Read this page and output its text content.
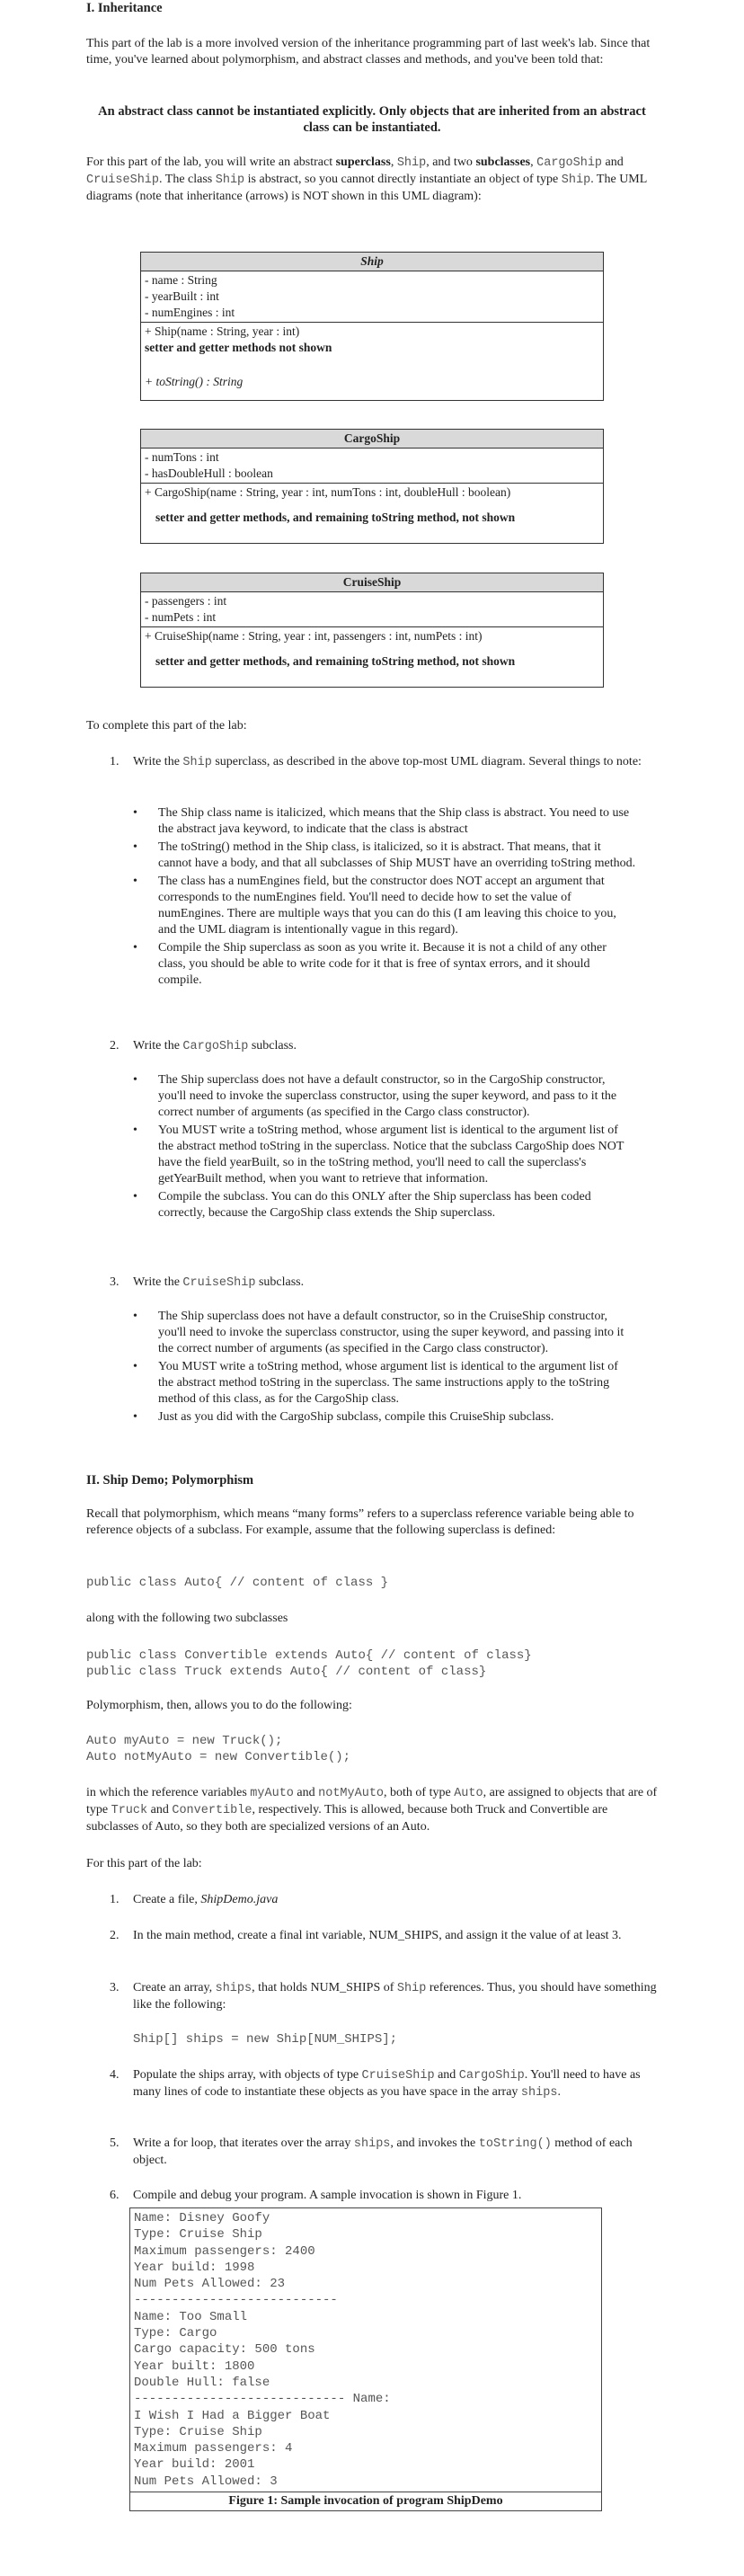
I. Inheritance

This part of the lab is a more involved version of the inheritance programming part of last week's lab. Since that time, you've learned about polymorphism, and abstract classes and methods, and you've been told that:

An abstract class cannot be instantiated explicitly. Only objects that are inherited from an abstract class can be instantiated.

For this part of the lab, you will write an abstract superclass, Ship, and two subclasses, CargoShip and CruiseShip. The class Ship is abstract, so you cannot directly instantiate an object of type Ship. The UML diagrams (note that inheritance (arrows) is NOT shown in this UML diagram):

Ship

- name : String
- yearBuilt : int
- numEngines : int

+ Ship(name : String, year : int)
setter and getter methods not shown
+ toString() : String
CargoShip

- numTons : int
- hasDoubleHull : boolean

+ CargoShip(name : String, year : int, numTons : int, doubleHull : boolean)
setter and getter methods, and remaining toString method, not shown
CruiseShip

- passengers : int
- numPets : int

+ CruiseShip(name : String, year : int, passengers : int, numPets : int)
setter and getter methods, and remaining toString method, not shown

To complete this part of the lab:

1.	Write the Ship superclass, as described in the above top-most UML diagram. Several things to note:
• The Ship class name is italicized, which means that the Ship class is abstract. You need to use the abstract java keyword, to indicate that the class is abstract
• The toString() method in the Ship class, is italicized, so it is abstract. That means, that it cannot have a body, and that all subclasses of Ship MUST have an overriding toString method.
• The class has a numEngines field, but the constructor does NOT accept an argument that corresponds to the numEngines field. You'll need to decide how to set the value of numEngines. There are multiple ways that you can do this (I am leaving this choice to you, and the UML diagram is intentionally vague in this regard).
• Compile the Ship superclass as soon as you write it. Because it is not a child of any other class, you should be able to write code for it that is free of syntax errors, and it should compile.
2.	Write the CargoShip subclass.
• The Ship superclass does not have a default constructor, so in the CargoShip constructor, you'll need to invoke the superclass constructor, using the super keyword, and pass to it the correct number of arguments (as specified in the Cargo class constructor).
• You MUST write a toString method, whose argument list is identical to the argument list of the abstract method toString in the superclass. Notice that the subclass CargoShip does NOT have the field yearBuilt, so in the toString method, you'll need to call the superclass's getYearBuilt method, when you want to retrieve that information.
• Compile the subclass. You can do this ONLY after the Ship superclass has been coded correctly, because the CargoShip class extends the Ship superclass.
3.	Write the CruiseShip subclass.
• The Ship superclass does not have a default constructor, so in the CruiseShip constructor, you'll need to invoke the superclass constructor, using the super keyword, and passing into it the correct number of arguments (as specified in the Cargo class constructor).
• You MUST write a toString method, whose argument list is identical to the argument list of the abstract method toString in the superclass. The same instructions apply to the toString method of this class, as for the CargoShip class.
• Just as you did with the CargoShip subclass, compile this CruiseShip subclass.
II. Ship Demo; Polymorphism

Recall that polymorphism, which means “many forms” refers to a superclass reference variable being able to reference objects of a subclass. For example, assume that the following superclass is defined:

public class Auto{ // content of class }

along with the following two subclasses

public class Convertible extends Auto{ // content of class}
public class Truck extends Auto{ // content of class}

Polymorphism, then, allows you to do the following:

Auto myAuto = new Truck();
Auto notMyAuto = new Convertible();

in which the reference variables myAuto and notMyAuto, both of type Auto, are assigned to objects that are of type Truck and Convertible, respectively. This is allowed, because both Truck and Convertible are subclasses of Auto, so they both are specialized versions of an Auto.

For this part of the lab:

1.	Create a file, ShipDemo.java
2.	In the main method, create a final int variable, NUM_SHIPS, and assign it the value of at least 3.
3.	Create an array, ships, that holds NUM_SHIPS of Ship references. Thus, you should have something like the following:
Ship[] ships = new Ship[NUM_SHIPS];
4.	Populate the ships array, with objects of type CruiseShip and CargoShip. You'll need to have as many lines of code to instantiate these objects as you have space in the array ships.
5.	Write a for loop, that iterates over the array ships, and invokes the toString() method of each object.
6.	Compile and debug your program. A sample invocation is shown in Figure 1.
Name: Disney Goofy
Type: Cruise Ship
Maximum passengers: 2400
Year build: 1998
Num Pets Allowed: 23
---------------------------
Name: Too Small
Type: Cargo
Cargo capacity: 500 tons
Year built: 1800
Double Hull: false
---------------------------- Name:
I Wish I Had a Bigger Boat
Type: Cruise Ship
Maximum passengers: 4
Year build: 2001
Num Pets Allowed: 3
Figure 1: Sample invocation of program ShipDemo
